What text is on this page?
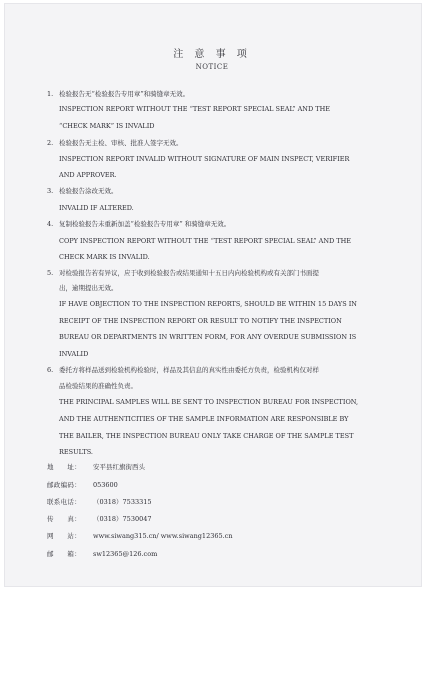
注 意 事 项
NOTICE
1. 检验报告无“检验报告专用章”和骑缝章无效。
INSPECTION REPORT WITHOUT THE “TEST REPORT SPECIAL SEAL” AND THE
“CHECK MARK” IS INVALID
2. 检验报告无主检、审核、批准人签字无效。
INSPECTION REPORT INVALID WITHOUT SIGNATURE OF MAIN INSPECT, VERIFIER
AND APPROVER.
3. 检验报告涂改无效。
INVALID IF ALTERED.
4. 复制检验报告未重新加盖“检验报告专用章” 和骑缝章无效。
COPY INSPECTION REPORT WITHOUT THE “TEST REPORT SPECIAL SEAL” AND THE
CHECK MARK IS INVALID.
5. 对检验报告若有异议，应于收到检验报告或结果通知十五日内向检验机构或有关部门书面提
出，逾期提出无效。
IF HAVE OBJECTION TO THE INSPECTION REPORTS, SHOULD BE WITHIN 15 DAYS IN
RECEIPT OF THE INSPECTION REPORT OR RESULT TO NOTIFY THE INSPECTION
BUREAU OR DEPARTMENTS IN WRITTEN FORM, FOR ANY OVERDUE SUBMISSION IS
INVALID
6. 委托方将样品送到检验机构检验时，样品及其信息的真实性由委托方负责，检验机构仅对样
品检验结果的准确性负责。
THE PRINCIPAL SAMPLES WILL BE SENT TO INSPECTION BUREAU FOR INSPECTION,
AND THE AUTHENTICITIES OF THE SAMPLE INFORMATION ARE RESPONSIBLE BY
THE BAILER, THE INSPECTION BUREAU ONLY TAKE CHARGE OF THE SAMPLE TEST
RESULTS.
地　　址： 安平县红旗街西头
邮政编码： 053600
联系电话： （0318）7533315
传　　真： （0318）7530047
网　　站： www.siwang315.cn/ www.siwang12365.cn
邮　　箱： sw12365@126.com
